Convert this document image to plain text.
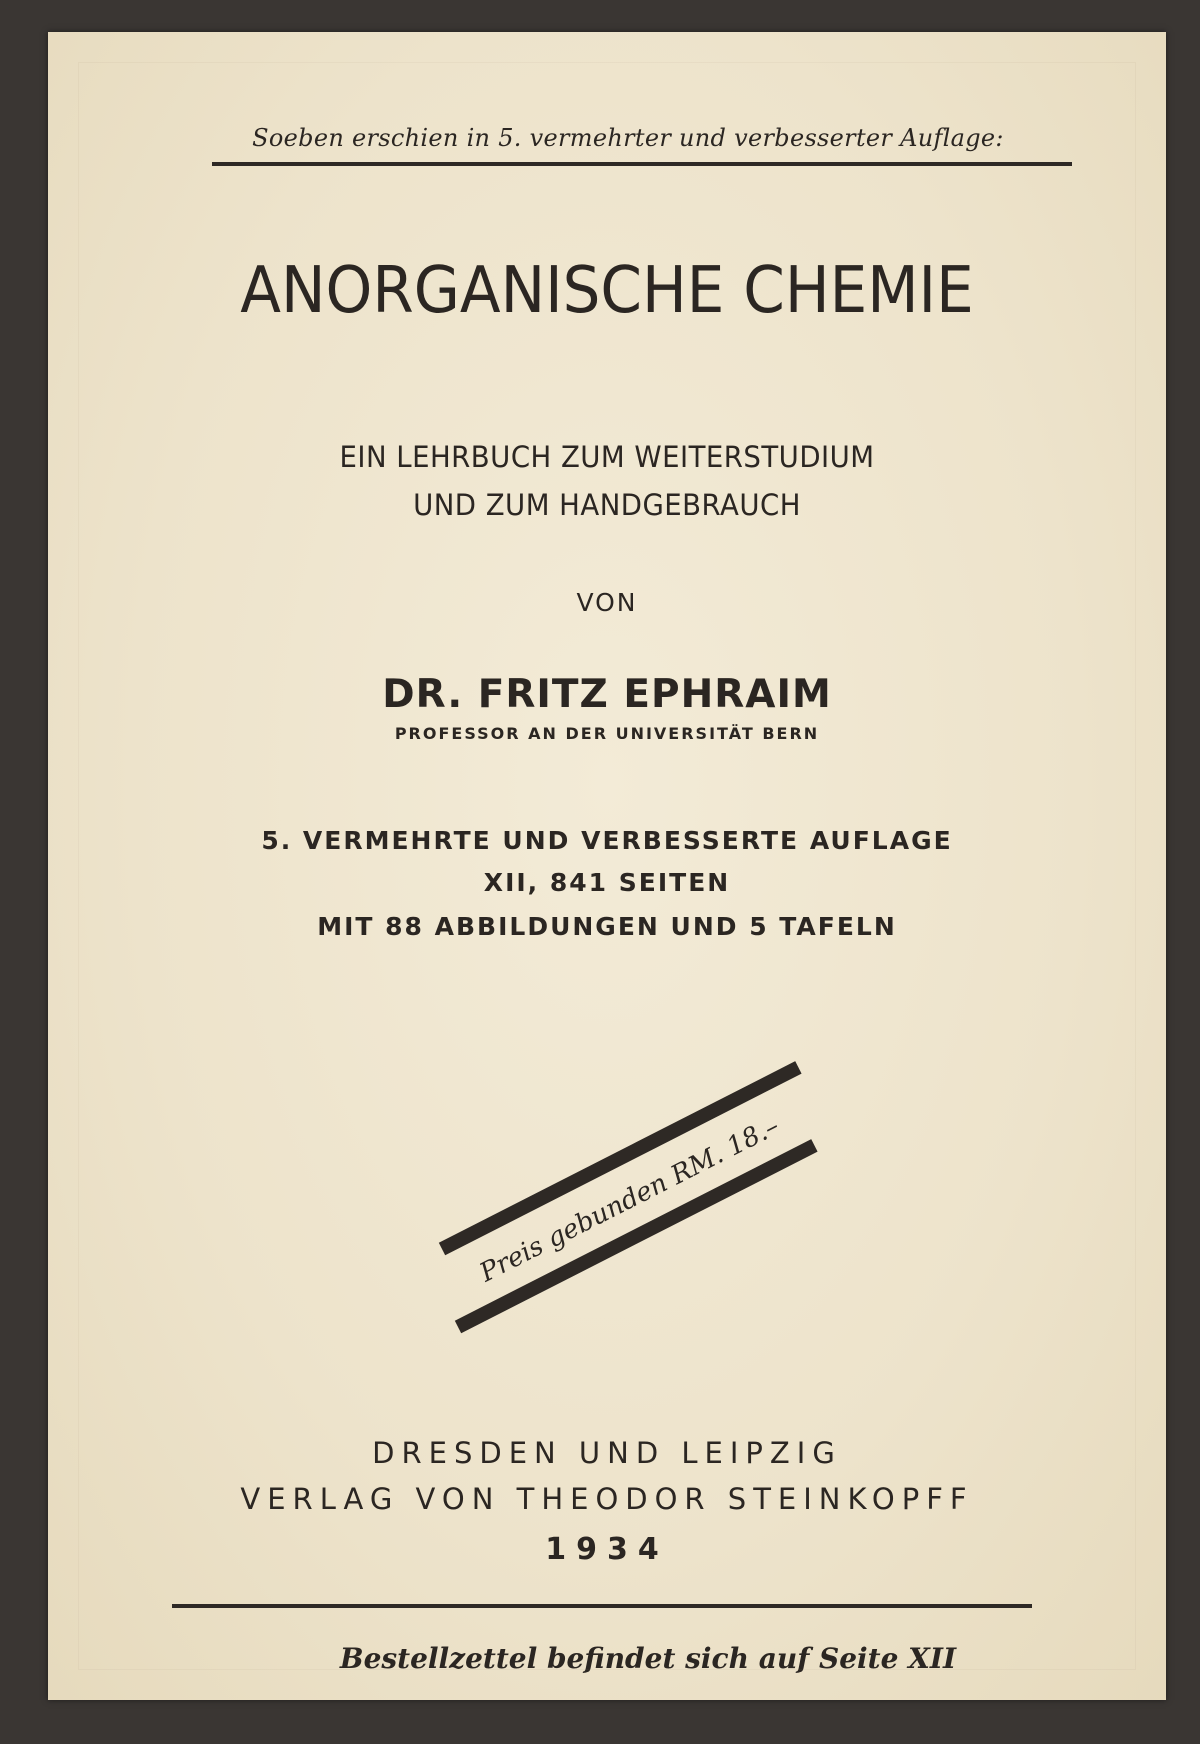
Soeben erschien in 5. vermehrter und verbesserter Auflage:
ANORGANISCHE CHEMIE
EIN LEHRBUCH ZUM WEITERSTUDIUM
UND ZUM HANDGEBRAUCH
VON
DR. FRITZ EPHRAIM
PROFESSOR AN DER UNIVERSITÄT BERN
5. VERMEHRTE UND VERBESSERTE AUFLAGE
XII, 841 SEITEN
MIT 88 ABBILDUNGEN UND 5 TAFELN
Preis gebunden RM. 18.–
DRESDEN UND LEIPZIG
VERLAG VON THEODOR STEINKOPFF
1934
Bestellzettel befindet sich auf Seite XII
